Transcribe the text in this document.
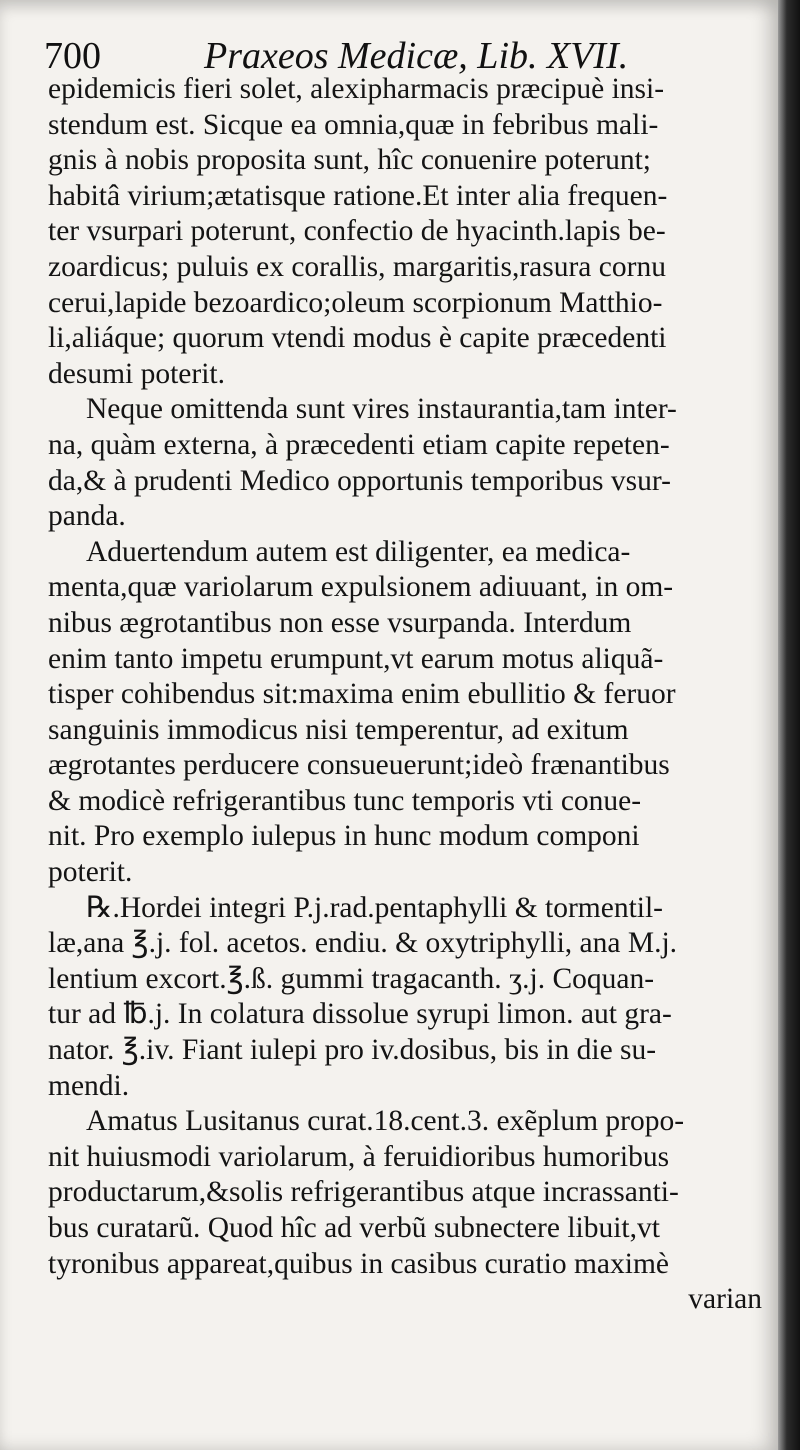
700	Praxeos Medicæ, Lib. XVII.
epidemicis fieri solet, alexipharmacis præcipuè insi-
stendum est. Sicque ea omnia,quæ in febribus mali-
gnis à nobis proposita sunt, hîc conuenire poterunt;
habitâ virium;ætatisque ratione.Et inter alia frequen-
ter vsurpari poterunt, confectio de hyacinth.lapis be-
zoardicus; puluis ex corallis, margaritis,rasura cornu
cerui,lapide bezoardico;oleum scorpionum Matthio-
li,aliáque; quorum vtendi modus è capite præcedenti
desumi poterit.
Neque omittenda sunt vires instaurantia,tam inter-
na, quàm externa, à præcedenti etiam capite repeten-
da,& à prudenti Medico opportunis temporibus vsur-
panda.
Aduertendum autem est diligenter, ea medica-
menta,quæ variolarum expulsionem adiuuant, in om-
nibus ægrotantibus non esse vsurpanda. Interdum
enim tanto impetu erumpunt,vt earum motus aliquã-
tisper cohibendus sit:maxima enim ebullitio & feruor
sanguinis immodicus nisi temperentur, ad exitum
ægrotantes perducere consueuerunt;ideò frænantibus
& modicè refrigerantibus tunc temporis vti conue-
nit. Pro exemplo iulepus in hunc modum componi
poterit.
℞.Hordei integri P.j.rad.pentaphylli & tormentil-
læ,ana ℥.j. fol. acetos. endiu. & oxytriphylli, ana M.j.
lentium excort.℥.ß. gummi tragacanth. ʒ.j. Coquan-
tur ad ℔.j. In colatura dissolue syrupi limon. aut gra-
nator. ℥.iv. Fiant iulepi pro iv.dosibus, bis in die su-
mendi.
Amatus Lusitanus curat.18.cent.3. exẽplum propo-
nit huiusmodi variolarum, à feruidioribus humoribus
productarum,&solis refrigerantibus atque incrassanti-
bus curatarũ. Quod hîc ad verbũ subnectere libuit,vt
tyronibus appareat,quibus in casibus curatio maximè
varian
